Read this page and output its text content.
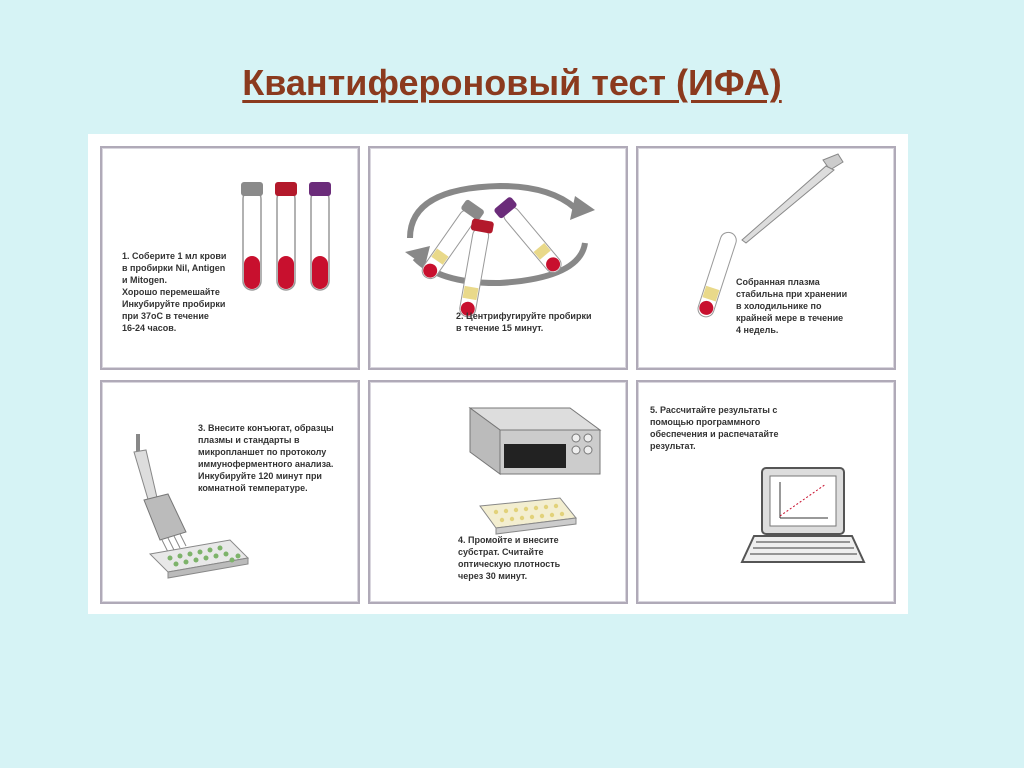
Квантифероновый тест (ИФА)
1. Соберите 1 мл крови
в пробирки Nil, Antigen
и Mitogen.
Хорошо перемешайте
Инкубируйте пробирки
при 37oC в течение
16-24 часов.
2. Центрифугируйте пробирки
в течение 15 минут.
Собранная плазма
стабильна при хранении
в холодильнике по
крайней мере в течение
4 недель.
3. Внесите конъюгат, образцы
плазмы и стандарты в
микропланшет по протоколу
иммуноферментного анализа.
Инкубируйте 120 минут при
комнатной температуре.
4. Промойте и внесите
субстрат. Считайте
оптическую плотность
через 30 минут.
5. Рассчитайте результаты с
помощью программного
обеспечения и распечатайте
результат.
